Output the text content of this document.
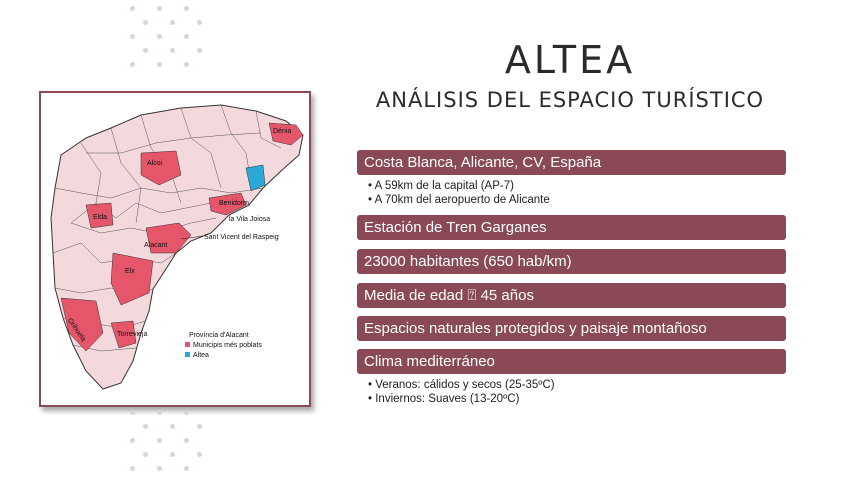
Dénia
Alcoi
Benidorm
la Vila Joiosa
Elda
Sant Vicent del Raspeig
Alacant
Elx
Orihuela	Torrevieja	Província d'Alacant
Municipis més poblats
Altea
ALTEA
ANÁLISIS DEL ESPACIO TURÍSTICO
Costa Blanca, Alicante, CV, España
• A 59km de la capital (AP-7)
• A 70km del aeropuerto de Alicante
Estación de Tren Garganes
23000 habitantes (650 hab/km)
Media de edad ⍰ 45 años
Espacios naturales protegidos y paisaje montañoso
Clima mediterráneo
• Veranos: cálidos y secos (25-35ºC)
• Inviernos: Suaves (13-20ºC)
